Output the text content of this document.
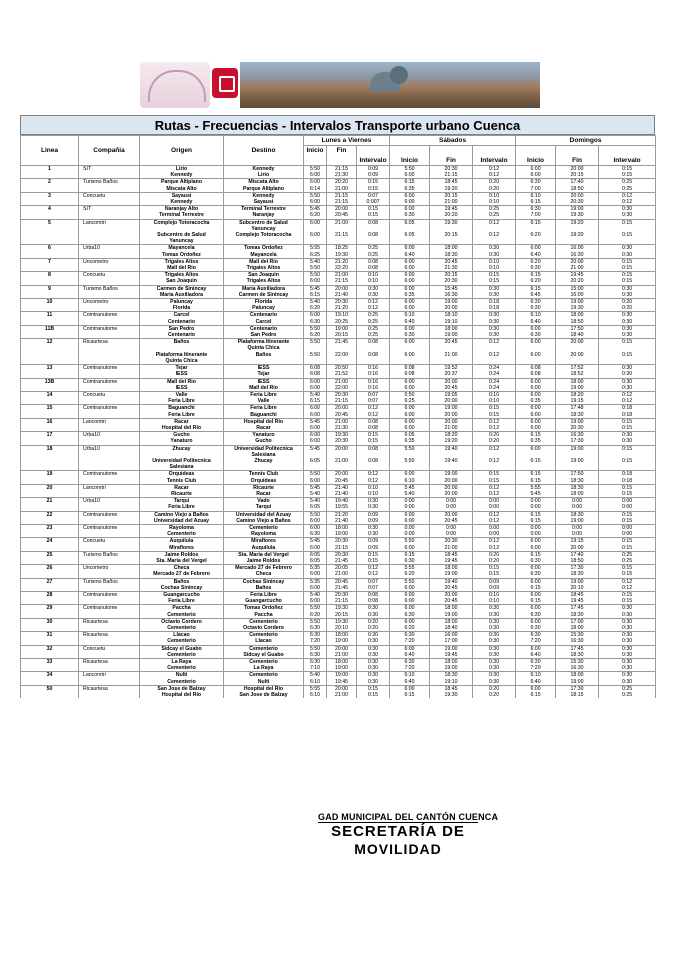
Rutas - Frecuencias - Intervalos Transporte urbano Cuenca
Linea	Compañia	Origen	Destino	Lunes a Viernes			Sábados			Domingos		
				Inicio	Fin	Intervalo	Inicio	Fin	Intervalo	Inicio	Fin	Intervalo
1	SIT	Lirio	Kennedy	5:50	21:15	0:09	5:50	20:30	0:12	6:00	20:00	0:15
		Kennedy	Lirio	6:00	21:30	0:09	6:00	21:15	0:12	6:00	20:15	0:15
2	Turismo Baños	Parque Altiplano	Miscata Alto	6:00	20:20	0:15	6:15	18:45	0:20	6:30	17:40	0:25
		Miscata Alto	Parque Altiplano	6:14	21:00	0:15	6:35	19:20	0:20	7:00	18:50	0:25
3	Concuetu	Sayausi	Kennedy	5:50	21:15	0:07	6:00	20:15	0:10	6:10	20:00	0:12
		Kennedy	Sayausi	6:00	21:15	0:007	6:00	21:00	0:10	6:15	20:30	0:12
4	SIT	Naranjay Alto	Terminal Terrestre	5:45	20:00	0:15	6:00	19:45	0:25	6:30	19:00	0:30
		Terminal Terrestre	Naranjay	6:20	20:45	0:15	6:30	20:20	0:25	7:00	19:30	0:30
5	Lancomtri	Complejo Totoracocha	Subcentro de Salud	6:00	21:00	0:08	6:05	19:30	0:12	6:15	19:20	0:15
			Yanuncay									
		Subcentro de Salud	Complejo Totoracocha	6:00	21:15	0:08	6:05	20:15	0:12	6:20	19:20	0:15
		Yanuncay										
6	Urba10	Mayancela	Tomas Ordoñez	5:55	18:25	0:25	6:00	18:00	0:30	6:00	16:00	0:30
		Tomas Ordoñez	Mayancela	6:25	19:30	0:25	6:40	18:30	0:30	6:40	16:30	0:30
7	Uncometro	Trigales Altos	Mall del Rio	5:40	21:20	0:08	6:00	20:45	0:10	6:20	20:00	0:15
		Mall del Rio	Trigales Altos	5:50	22:20	0:08	6:00	21:30	0:10	6:30	21:00	0:15
8	Concuetu	Trigales Altos	San Joaquin	5:50	21:00	0:10	6:00	20:15	0:15	6:15	19:45	0:15
		San Joaquin	Trigales Altos	6:00	21:15	0:10	6:00	20:30	0:15	6:20	20:20	0:15
9	Turismo Baños	Carmen de Sinincay	Maria Auxiliadora	5:45	20:00	0:30	6:00	15:45	0:30	6:15	15:00	0:30
		Maria Auxiliadora	Carmen de Sinincay	6:15	21:40	0:30	6:35	16:30	0:30	6:45	16:00	0:30
10	Uncometro	Paluncay	Florida	5:40	20:30	0:12	6:00	19:00	0:18	6:30	19:00	0:20
		Florida	Paluncay	6:20	21:20	0:12	6:00	20:00	0:18	6:30	19:30	0:20
11	Comtranutome	Carcel	Centenario	6:00	19:10	0:25	6:10	18:10	0:30	6:10	18:00	0:30
		Centenario	Carcel	6:30	20:25	0:25	6:40	19:10	0:30	6:40	18:50	0:30
11B	Comtranutome	San Pedro	Centenario	5:50	19:00	0:25	6:00	18:00	0:30	6:00	17:50	0:30
		Centenario	San Pedro	6:20	20:15	0:25	6:30	19:00	0:30	6:30	18:40	0:30
12	Ricaurtesa	Baños	Plataforma Itinerante	5:50	21:45	0:08	6:00	20:45	0:12	6:00	20:00	0:15
			Quinta Chica									
		Plataforma Itinerante	Baños	5:50	22:00	0:08	6:00	21:00	0:12	6:00	20:00	0:15
		Quinta Chica										
13	Comtranutome	Tejar	IESS	6:08	20:50	0:16	6:08	19:52	0:24	6:08	17:52	0:30
		IESS	Tejar	6:08	21:52	0:16	6:08	20:37	0:24	6:08	18:52	0:30
13B	Comtranutome	Mall del Rio	IESS	6:00	21:00	0:16	6:00	20:00	0:24	6:00	18:00	0:30
		IESS	Mall del Rio	6:00	22:00	0:16	6:00	20:45	0:24	6:00	19:00	0:30
14	Concuetu	Valle	Feria Libre	5:40	20:30	0:07	5:50	19:05	0:10	6:00	18:20	0:12
		Feria Libre	Valle	6:15	21:15	0:07	6:25	20:00	0:10	6:35	19:15	0:12
15	Comtranutome	Baguanchi	Feria Libre	6:00	20:00	0:12	6:00	19:00	0:15	6:00	17:48	0:18
		Feria Libre	Baguanchi	6:00	20:45	0:12	6:00	20:00	0:15	6:00	18:30	0:18
16	Lancomtri	Racar	Hospital del Rio	5:45	21:00	0:08	6:00	20:00	0:12	6:00	19:00	0:15
		Hospital del Rio	Racar	6:00	21:30	0:08	6:00	21:00	0:12	6:00	20:30	0:15
17	Urba10	Gucho	Yanaturo	6:00	19:30	0:15	6:05	18:20	0:20	6:15	16:30	0:30
		Yanaturo	Gucho	6:00	20:30	0:15	6:35	19:20	0:20	6:35	17:30	0:30
18	Urba10	Zhucay	Universidad Politecnica	5:45	20:00	0:08	5:50	19:40	0:12	6:00	19:00	0:15
			Salesiana									
		Universidad Politecnica	Zhucay	6:05	21:00	0:08	5:50	19:40	0:12	6:15	19:00	0:15
		Salesiana										
19	Comtranutome	Orquideas	Tennis Club	5:50	20:00	0:12	6:00	19:00	0:15	6:15	17:50	0:18
		Tennis Club	Orquideas	6:00	20:45	0:12	6:10	20:00	0:15	6:15	18:30	0:18
20	Lancomtri	Racar	Ricaurte	5:45	21:40	0:10	5:45	20:00	0:12	5:55	18:30	0:15
		Ricaurte	Racar	5:40	21:40	0:10	5:40	20:00	0:12	5:45	18:00	0:15
21	Urba10	Tarqui	Vado	5:40	19:40	0:30	0:00	0:00	0:00	0:00	0:00	0:00
		Feria Libre	Tarqui	6:05	19:55	0:30	0:00	0:00	0:00	0:00	0:00	0:00
22	Comtranutome	Camino Viejo a Baños	Universidad del Azuay	5:50	21:20	0:09	6:00	20:00	0:12	6:15	18:30	0:15
		Universidad del Azuay	Camino Viejo a Baños	6:00	21:40	0:09	6:00	20:45	0:12	6:15	19:00	0:15
23	Comtranutome	Rayoloma	Cementerio	6:00	18:00	0:30	0:00	0:00	0:00	0:00	0:00	0:00
		Cementerio	Rayoloma	6:30	19:00	0:30	0:00	0:00	0:00	0:00	0:00	0:00
24	Concuetu	Auquilula	Miraflores	5:45	20:30	0:09	5:50	20:30	0:12	6:00	19:15	0:15
		Miraflores	Auquilula	6:00	21:15	0:09	6:00	21:00	0:12	6:00	20:00	0:15
25	Turismo Baños	Jaime Roldos	Sta. Maria del Vergel	6:05	20:30	0:15	6:15	18:45	0:20	6:15	17:40	0:25
		Sta. Maria del Vergel	Jaime Roldos	6:05	21:45	0:15	6:30	19:45	0:20	6:30	18:50	0:25
26	Uncometro	Checa	Mercado 27 de Febrero	5:35	20:05	0:12	5:55	18:00	0:15	6:00	17:30	0:15
		Mercado 27 de Febrero	Checa	6:00	21:00	0:12	6:20	19:00	0:15	6:30	18:30	0:15
27	Turismo Baños	Baños	Cochas Sinincay	5:35	20:45	0:07	5:50	19:40	0:09	6:00	19:00	0:12
		Cochas Sinincay	Baños	6:00	21:45	0:07	6:00	20:45	0:09	6:15	20:10	0:12
28	Comtranutome	Guangarcucho	Feria Libre	5:40	20:30	0:08	6:00	20:00	0:10	6:00	18:45	0:15
		Feria Libre	Guangarcucho	6:00	21:15	0:08	6:00	20:45	0:10	6:15	19:45	0:15
29	Comtranutome	Paccha	Tomas Ordoñez	5:50	19:30	0:30	6:00	18:00	0:30	6:00	17:45	0:30
		Cementerio	Paccha	6:20	20:15	0:30	6:30	19:00	0:30	6:30	18:30	0:30
30	Ricaurtesa	Octavio Cordero	Cementerio	5:50	19:30	0:20	6:00	18:00	0:30	6:00	17:00	0:30
		Cementerio	Octavio Cordero	6:30	20:10	0:20	6:20	18:40	0:30	6:30	18:00	0:30
31	Ricaurtesa	Llacao	Cementerio	6:30	18:00	0:30	6:30	16:00	0:30	6:30	15:30	0:30
		Cementerio	Llacao	7:20	19:00	0:30	7:20	17:00	0:30	7:20	16:30	0:30
32	Concuetu	Sidcay el Guabo	Cementerio	5:50	20:00	0:30	6:00	19:00	0:30	6:00	17:45	0:30
		Cementerio	Sidcay el Guabo	6:30	21:00	0:30	6:40	19:45	0:30	6:40	18:30	0:30
33	Ricaurtesa	La Raya	Cementerio	6:30	18:00	0:30	6:30	18:00	0:30	6:30	15:30	0:30
		Cementerio	La Raya	7:10	19:00	0:30	7:20	19:00	0:30	7:20	16:30	0:30
34	Lancomtri	Nulti	Cementerio	5:40	19:00	0:30	6:10	18:30	0:30	6:10	18:00	0:30
		Cementerio	Nulti	6:10	19:45	0:30	6:40	19:10	0:30	6:40	19:00	0:30
50	Ricaurtesa	San Jose de Balzay	Hospital del Rio	5:55	20:00	0:15	6:00	18:45	0:20	6:00	17:30	0:25
		Hospital del Rio	San Jose de Balzay	6:10	21:00	0:15	6:15	19:30	0:20	6:15	18:15	0:25
GAD MUNICIPAL DEL CANTÓN CUENCA
SECRETARÍA DE
MOVILIDAD
